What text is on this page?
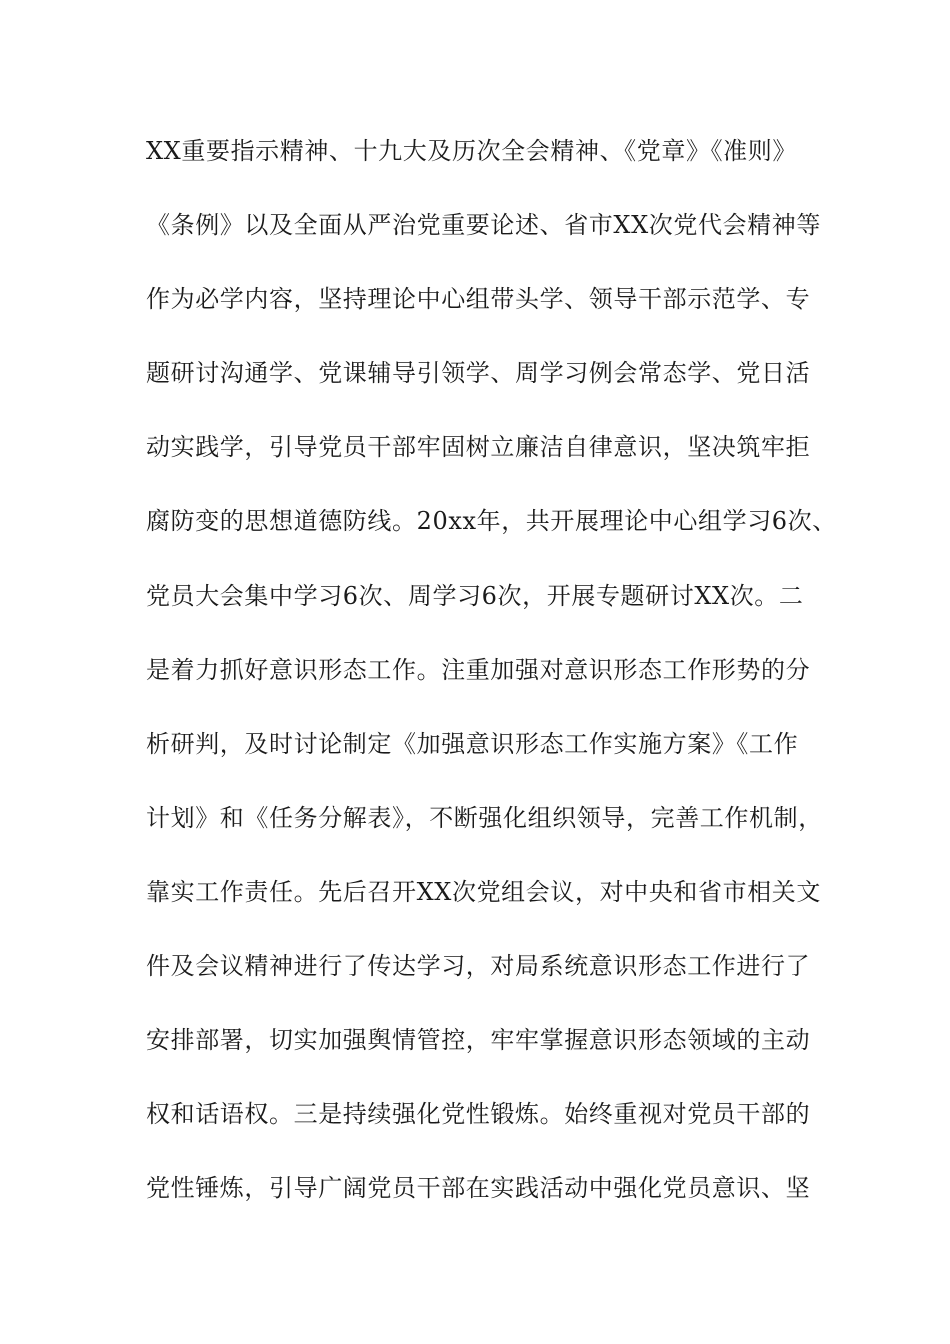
XX重要指示精神、十九大及历次全会精神、《党章》《准则》
《条例》以及全面从严治党重要论述、省市XX次党代会精神等
作为必学内容，坚持理论中心组带头学、领导干部示范学、专
题研讨沟通学、党课辅导引领学、周学习例会常态学、党日活
动实践学，引导党员干部牢固树立廉洁自律意识，坚决筑牢拒
腐防变的思想道德防线。20xx年，共开展理论中心组学习6次、
党员大会集中学习6次、周学习6次，开展专题研讨XX次。二
是着力抓好意识形态工作。注重加强对意识形态工作形势的分
析研判，及时讨论制定《加强意识形态工作实施方案》《工作
计划》和《任务分解表》，不断强化组织领导，完善工作机制，
靠实工作责任。先后召开XX次党组会议，对中央和省市相关文
件及会议精神进行了传达学习，对局系统意识形态工作进行了
安排部署，切实加强舆情管控，牢牢掌握意识形态领域的主动
权和话语权。三是持续强化党性锻炼。始终重视对党员干部的
党性锤炼，引导广阔党员干部在实践活动中强化党员意识、坚
